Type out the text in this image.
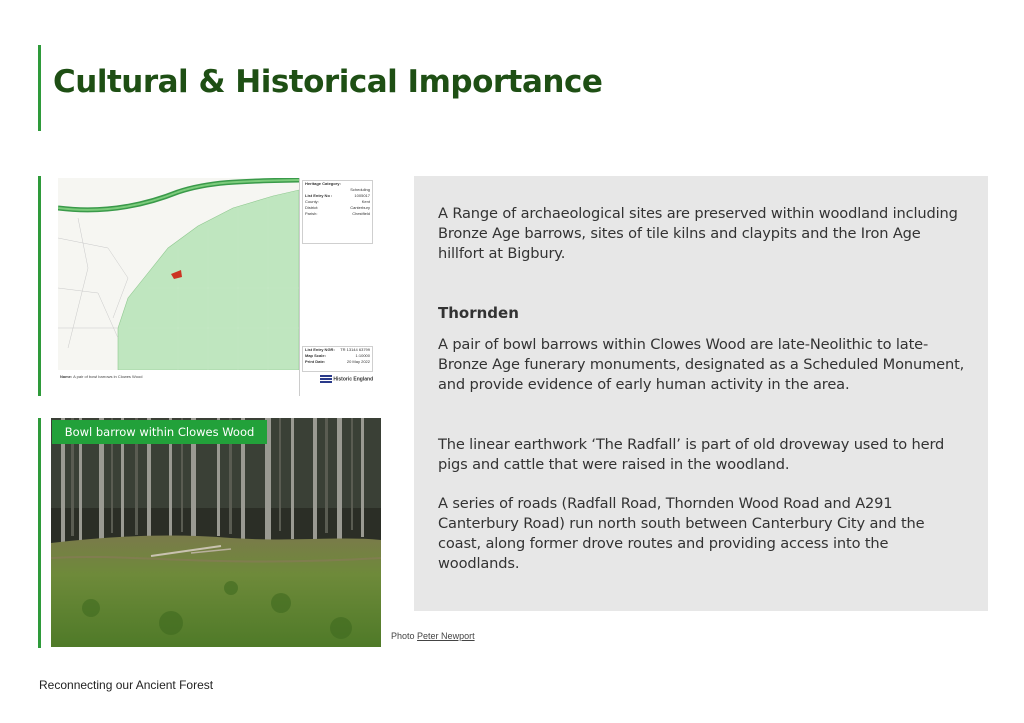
Cultural & Historical Importance
Name: A pair of bowl barrows in Clowes Wood
Heritage Category:
Scheduling
List Entry No :	1005017
County:	Kent
District:	Canterbury
Parish:	Chestfield
List Entry NGR: TR 13144 63799
Map Scale:	1:10000
Print Date:	20 May 2022
Historic England
Bowl barrow within Clowes Wood
Photo Peter Newport

A Range of archaeological sites are preserved within woodland including Bronze Age barrows, sites of tile kilns and claypits and the Iron Age hillfort at Bigbury.

Thornden

A pair of bowl barrows within Clowes Wood are late-Neolithic to late-Bronze Age funerary monuments, designated as a Scheduled Monument, and provide evidence of early human activity in the area.

The linear earthwork ‘The Radfall’ is part of old droveway used to herd pigs and cattle that were raised in the woodland.

A series of roads (Radfall Road, Thornden Wood Road and A291 Canterbury Road) run north south between Canterbury City and the coast, along former drove routes and providing access into the woodlands.

Reconnecting our Ancient Forest
